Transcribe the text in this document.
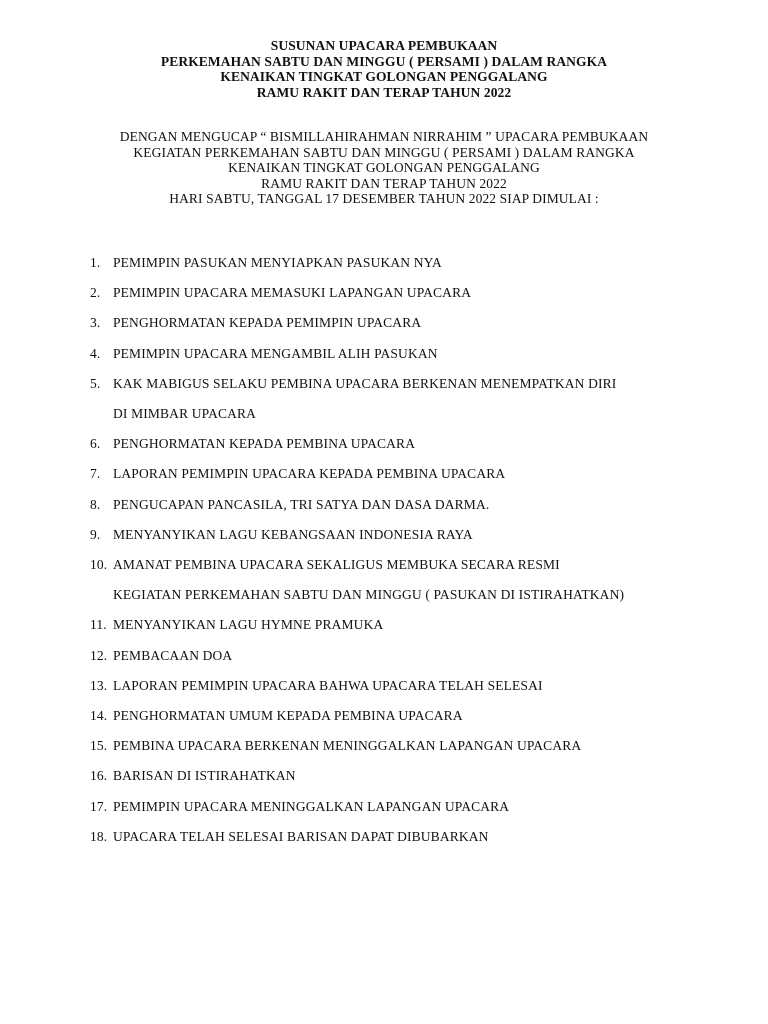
SUSUNAN UPACARA PEMBUKAAN
PERKEMAHAN SABTU DAN MINGGU ( PERSAMI ) DALAM RANGKA
KENAIKAN TINGKAT GOLONGAN PENGGALANG
RAMU RAKIT DAN TERAP TAHUN 2022
DENGAN MENGUCAP “ BISMILLAHIRAHMAN NIRRAHIM ” UPACARA PEMBUKAAN
KEGIATAN PERKEMAHAN SABTU DAN MINGGU ( PERSAMI ) DALAM RANGKA
KENAIKAN TINGKAT GOLONGAN PENGGALANG
RAMU RAKIT DAN TERAP TAHUN 2022
HARI SABTU, TANGGAL 17 DESEMBER TAHUN 2022 SIAP DIMULAI :
1. PEMIMPIN PASUKAN MENYIAPKAN PASUKAN NYA
2. PEMIMPIN UPACARA MEMASUKI LAPANGAN UPACARA
3. PENGHORMATAN KEPADA PEMIMPIN UPACARA
4. PEMIMPIN UPACARA MENGAMBIL ALIH PASUKAN
5. KAK MABIGUS SELAKU PEMBINA UPACARA BERKENAN MENEMPATKAN DIRI
DI MIMBAR UPACARA
6. PENGHORMATAN KEPADA PEMBINA UPACARA
7. LAPORAN PEMIMPIN UPACARA KEPADA PEMBINA UPACARA
8. PENGUCAPAN PANCASILA, TRI SATYA DAN DASA DARMA.
9. MENYANYIKAN LAGU KEBANGSAAN INDONESIA RAYA
10. AMANAT PEMBINA UPACARA SEKALIGUS MEMBUKA SECARA RESMI
KEGIATAN PERKEMAHAN SABTU DAN MINGGU ( PASUKAN DI ISTIRAHATKAN)
11. MENYANYIKAN LAGU HYMNE PRAMUKA
12. PEMBACAAN DOA
13. LAPORAN PEMIMPIN UPACARA BAHWA UPACARA TELAH SELESAI
14. PENGHORMATAN UMUM KEPADA PEMBINA UPACARA
15. PEMBINA UPACARA BERKENAN MENINGGALKAN LAPANGAN UPACARA
16. BARISAN DI ISTIRAHATKAN
17. PEMIMPIN UPACARA MENINGGALKAN LAPANGAN UPACARA
18. UPACARA TELAH SELESAI BARISAN DAPAT DIBUBARKAN
